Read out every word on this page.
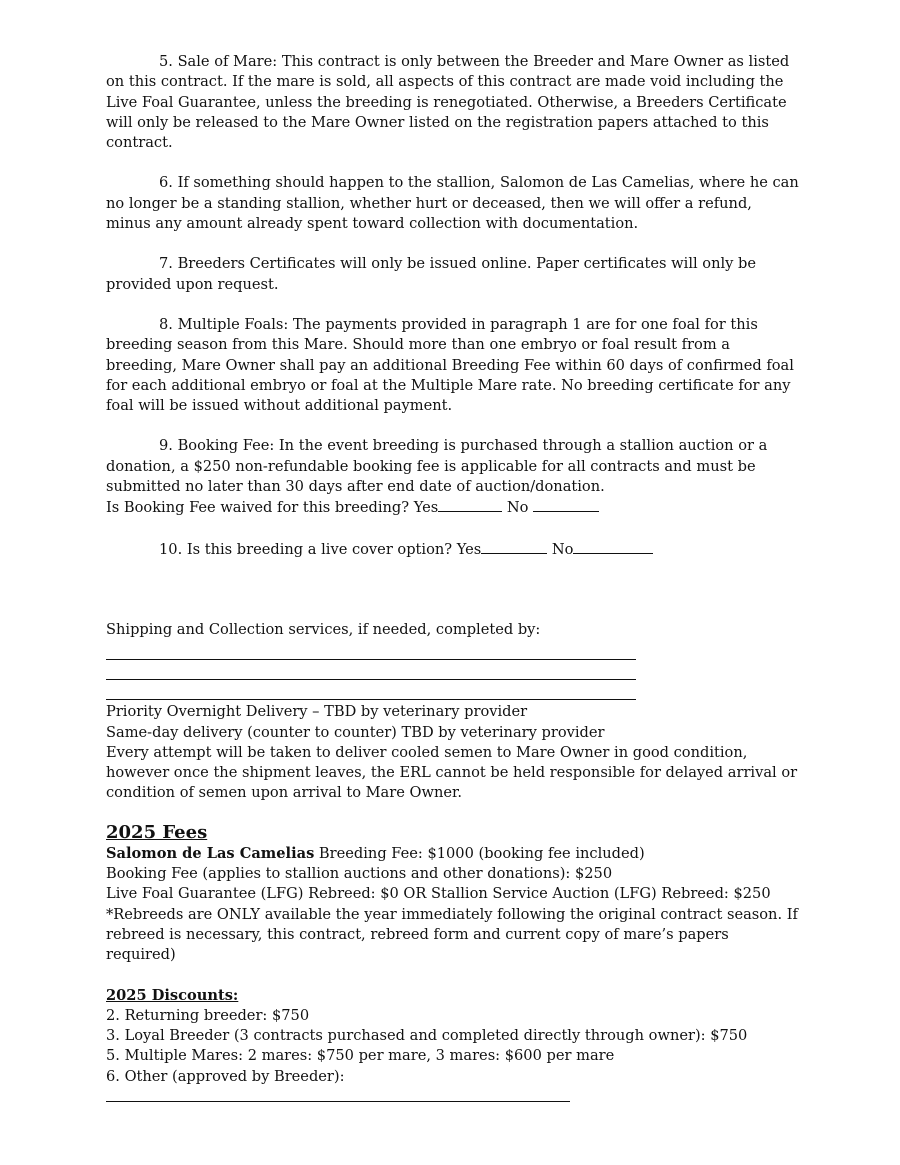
5. Sale of Mare: This contract is only between the Breeder and Mare Owner as listed on this contract. If the mare is sold, all aspects of this contract are made void including the Live Foal Guarantee, unless the breeding is renegotiated. Otherwise, a Breeders Certificate will only be released to the Mare Owner listed on the registration papers attached to this contract.

6. If something should happen to the stallion, Salomon de Las Camelias, where he can no longer be a standing stallion, whether hurt or deceased, then we will offer a refund, minus any amount already spent toward collection with documentation.

7. Breeders Certificates will only be issued online. Paper certificates will only be provided upon request.

8. Multiple Foals: The payments provided in paragraph 1 are for one foal for this breeding season from this Mare. Should more than one embryo or foal result from a breeding, Mare Owner shall pay an additional Breeding Fee within 60 days of confirmed foal for each additional embryo or foal at the Multiple Mare rate. No breeding certificate for any foal will be issued without additional payment.

9. Booking Fee: In the event breeding is purchased through a stallion auction or a donation, a $250 non-refundable booking fee is applicable for all contracts and must be submitted no later than 30 days after end date of auction/donation.

Is Booking Fee waived for this breeding? Yes	No

10. Is this breeding a live cover option? Yes	No

Shipping and Collection services, if needed, completed by:

Priority Overnight Delivery – TBD by veterinary provider

Same-day delivery (counter to counter) TBD by veterinary provider

Every attempt will be taken to deliver cooled semen to Mare Owner in good condition, however once the shipment leaves, the ERL cannot be held responsible for delayed arrival or condition of semen upon arrival to Mare Owner.

2025 Fees

Salomon de Las Camelias Breeding Fee: $1000 (booking fee included)

Booking Fee (applies to stallion auctions and other donations): $250

Live Foal Guarantee (LFG) Rebreed: $0 OR Stallion Service Auction (LFG) Rebreed: $250

*Rebreeds are ONLY available the year immediately following the original contract season. If rebreed is necessary, this contract, rebreed form and current copy of mare’s papers required)

2025 Discounts:

2. Returning breeder: $750

3. Loyal Breeder (3 contracts purchased and completed directly through owner): $750

5. Multiple Mares: 2 mares: $750 per mare, 3 mares: $600 per mare

6. Other (approved by Breeder):
